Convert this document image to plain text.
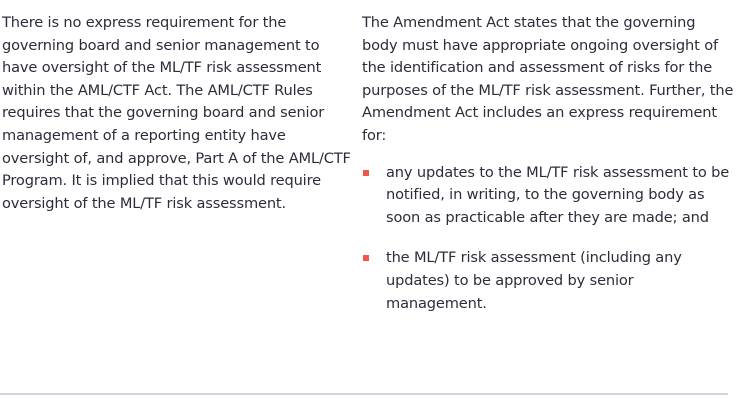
There is no express requirement for the governing board and senior management to have oversight of the ML/TF risk assessment within the AML/CTF Act. The AML/CTF Rules requires that the governing board and senior management of a reporting entity have oversight of, and approve, Part A of the AML/CTF Program. It is implied that this would require oversight of the ML/TF risk assessment.

The Amendment Act states that the governing body must have appropriate ongoing oversight of the identification and assessment of risks for the purposes of the ML/TF risk assessment. Further, the Amendment Act includes an express requirement for:

any updates to the ML/TF risk assessment to be notified, in writing, to the governing body as soon as practicable after they are made; and
the ML/TF risk assessment (including any updates) to be approved by senior management.
